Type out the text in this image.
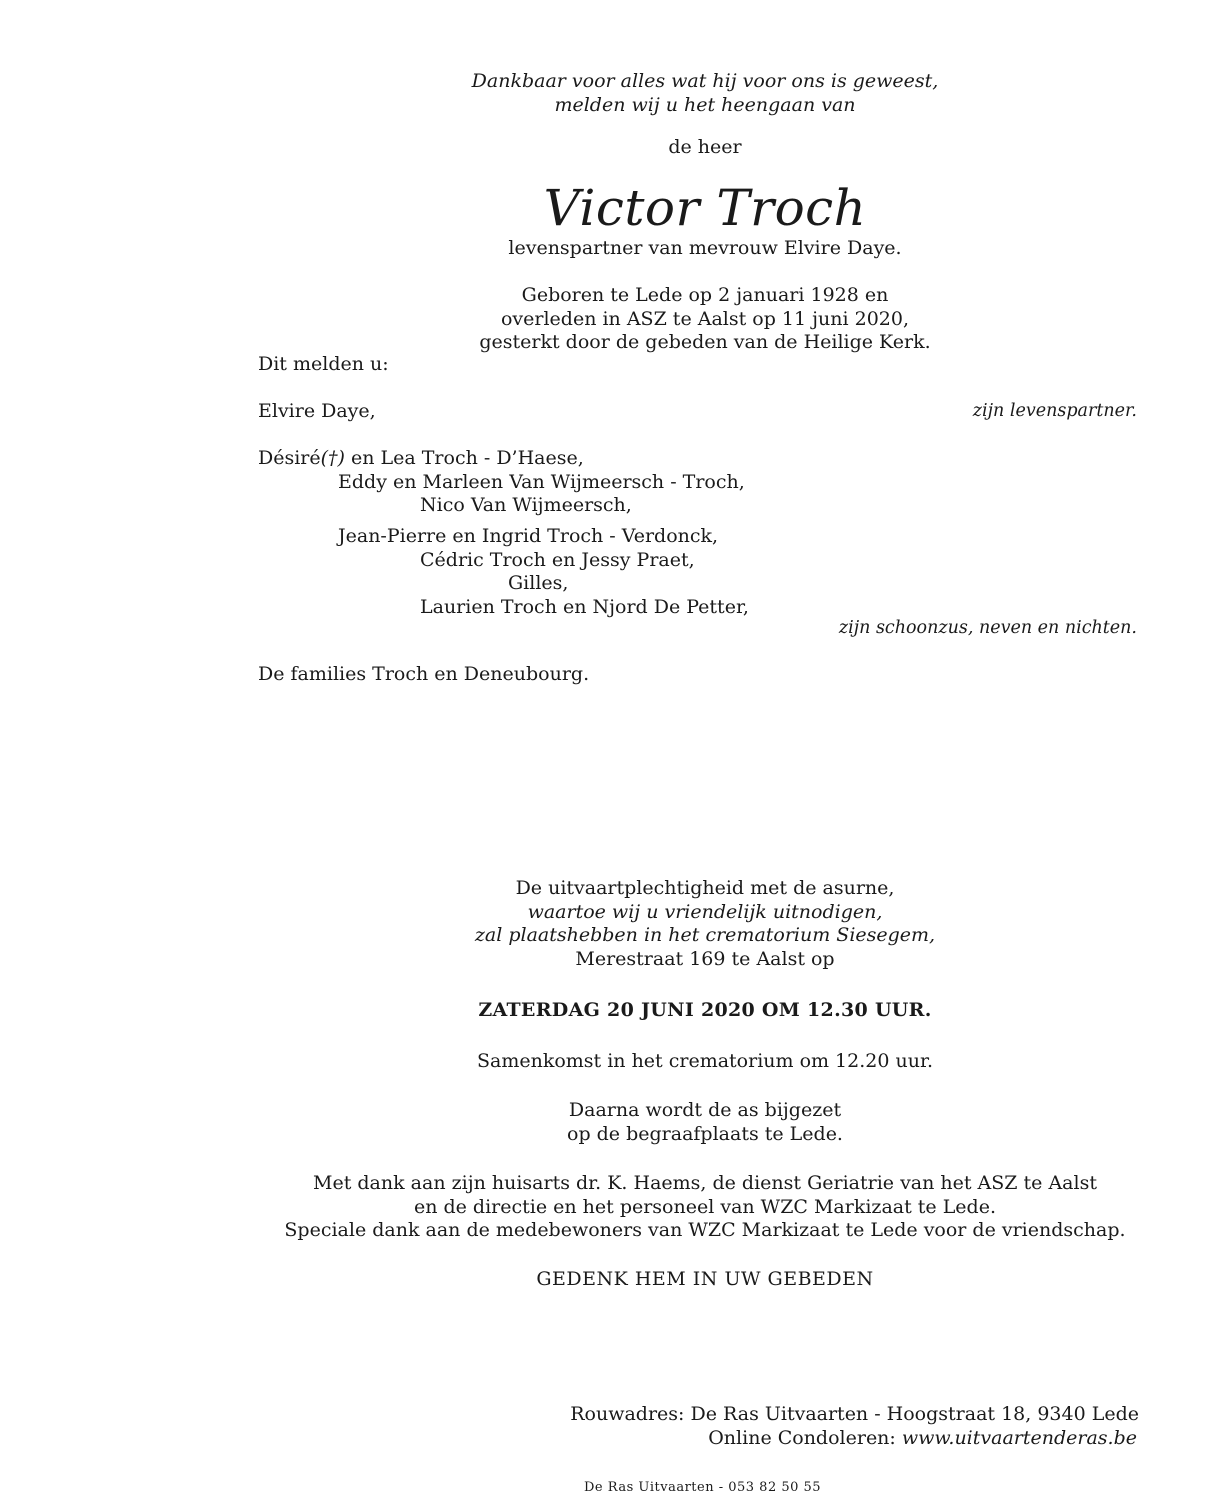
Dankbaar voor alles wat hij voor ons is geweest,
melden wij u het heengaan van
de heer
Victor Troch
levenspartner van mevrouw Elvire Daye.
Geboren te Lede op 2 januari 1928 en
overleden in ASZ te Aalst op 11 juni 2020,
gesterkt door de gebeden van de Heilige Kerk.
Dit melden u:
Elvire Daye,	zijn levenspartner.
Désiré(†) en Lea Troch - D’Haese,
Eddy en Marleen Van Wijmeersch - Troch,
Nico Van Wijmeersch,
Jean-Pierre en Ingrid Troch - Verdonck,
Cédric Troch en Jessy Praet,
Gilles,
Laurien Troch en Njord De Petter,
zijn schoonzus, neven en nichten.
De families Troch en Deneubourg.
De uitvaartplechtigheid met de asurne,
waartoe wij u vriendelijk uitnodigen,
zal plaatshebben in het crematorium Siesegem,
Merestraat 169 te Aalst op
ZATERDAG 20 JUNI 2020 OM 12.30 UUR.
Samenkomst in het crematorium om 12.20 uur.
Daarna wordt de as bijgezet
op de begraafplaats te Lede.
Met dank aan zijn huisarts dr. K. Haems, de dienst Geriatrie van het ASZ te Aalst
en de directie en het personeel van WZC Markizaat te Lede.
Speciale dank aan de medebewoners van WZC Markizaat te Lede voor de vriendschap.
GEDENK HEM IN UW GEBEDEN
Rouwadres: De Ras Uitvaarten - Hoogstraat 18, 9340 Lede
Online Condoleren: www.uitvaartenderas.be
De Ras Uitvaarten - 053 82 50 55
